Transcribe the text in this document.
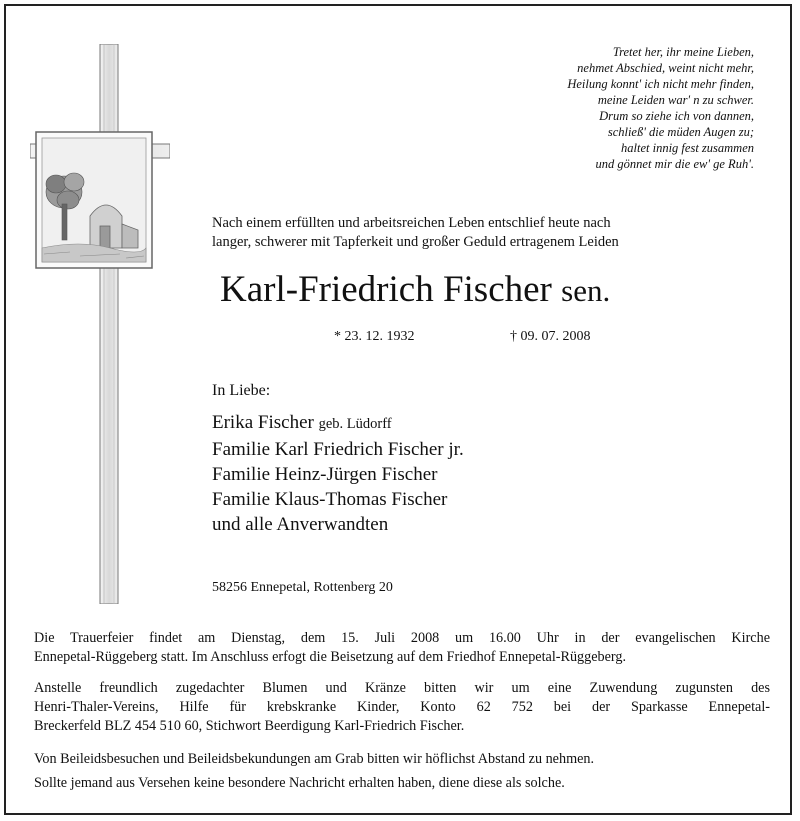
Tretet her, ihr meine Lieben,
nehmet Abschied, weint nicht mehr,
Heilung konnt' ich nicht mehr finden,
meine Leiden war' n zu schwer.
Drum so ziehe ich von dannen,
schließ' die müden Augen zu;
haltet innig fest zusammen
und gönnet mir die ew' ge Ruh'.
Nach einem erfüllten und arbeitsreichen Leben entschlief heute nach
langer, schwerer mit Tapferkeit und großer Geduld ertragenem Leiden
Karl-Friedrich Fischer sen.
* 23. 12. 1932	† 09. 07. 2008
In Liebe:
Erika Fischer geb. Lüdorff
Familie Karl Friedrich Fischer jr.
Familie Heinz-Jürgen Fischer
Familie Klaus-Thomas Fischer
und alle Anverwandten
58256 Ennepetal, Rottenberg 20
Die Trauerfeier findet am Dienstag, dem 15. Juli 2008 um 16.00 Uhr in der evangelischen Kirche
Ennepetal-Rüggeberg statt. Im Anschluss erfogt die Beisetzung auf dem Friedhof Ennepetal-Rüggeberg.
Anstelle freundlich zugedachter Blumen und Kränze bitten wir um eine Zuwendung zugunsten des
Henri-Thaler-Vereins, Hilfe für krebskranke Kinder, Konto 62 752 bei der Sparkasse Ennepetal-
Breckerfeld BLZ 454 510 60, Stichwort Beerdigung Karl-Friedrich Fischer.
Von Beileidsbesuchen und Beileidsbekundungen am Grab bitten wir höflichst Abstand zu nehmen.
Sollte jemand aus Versehen keine besondere Nachricht erhalten haben, diene diese als solche.
